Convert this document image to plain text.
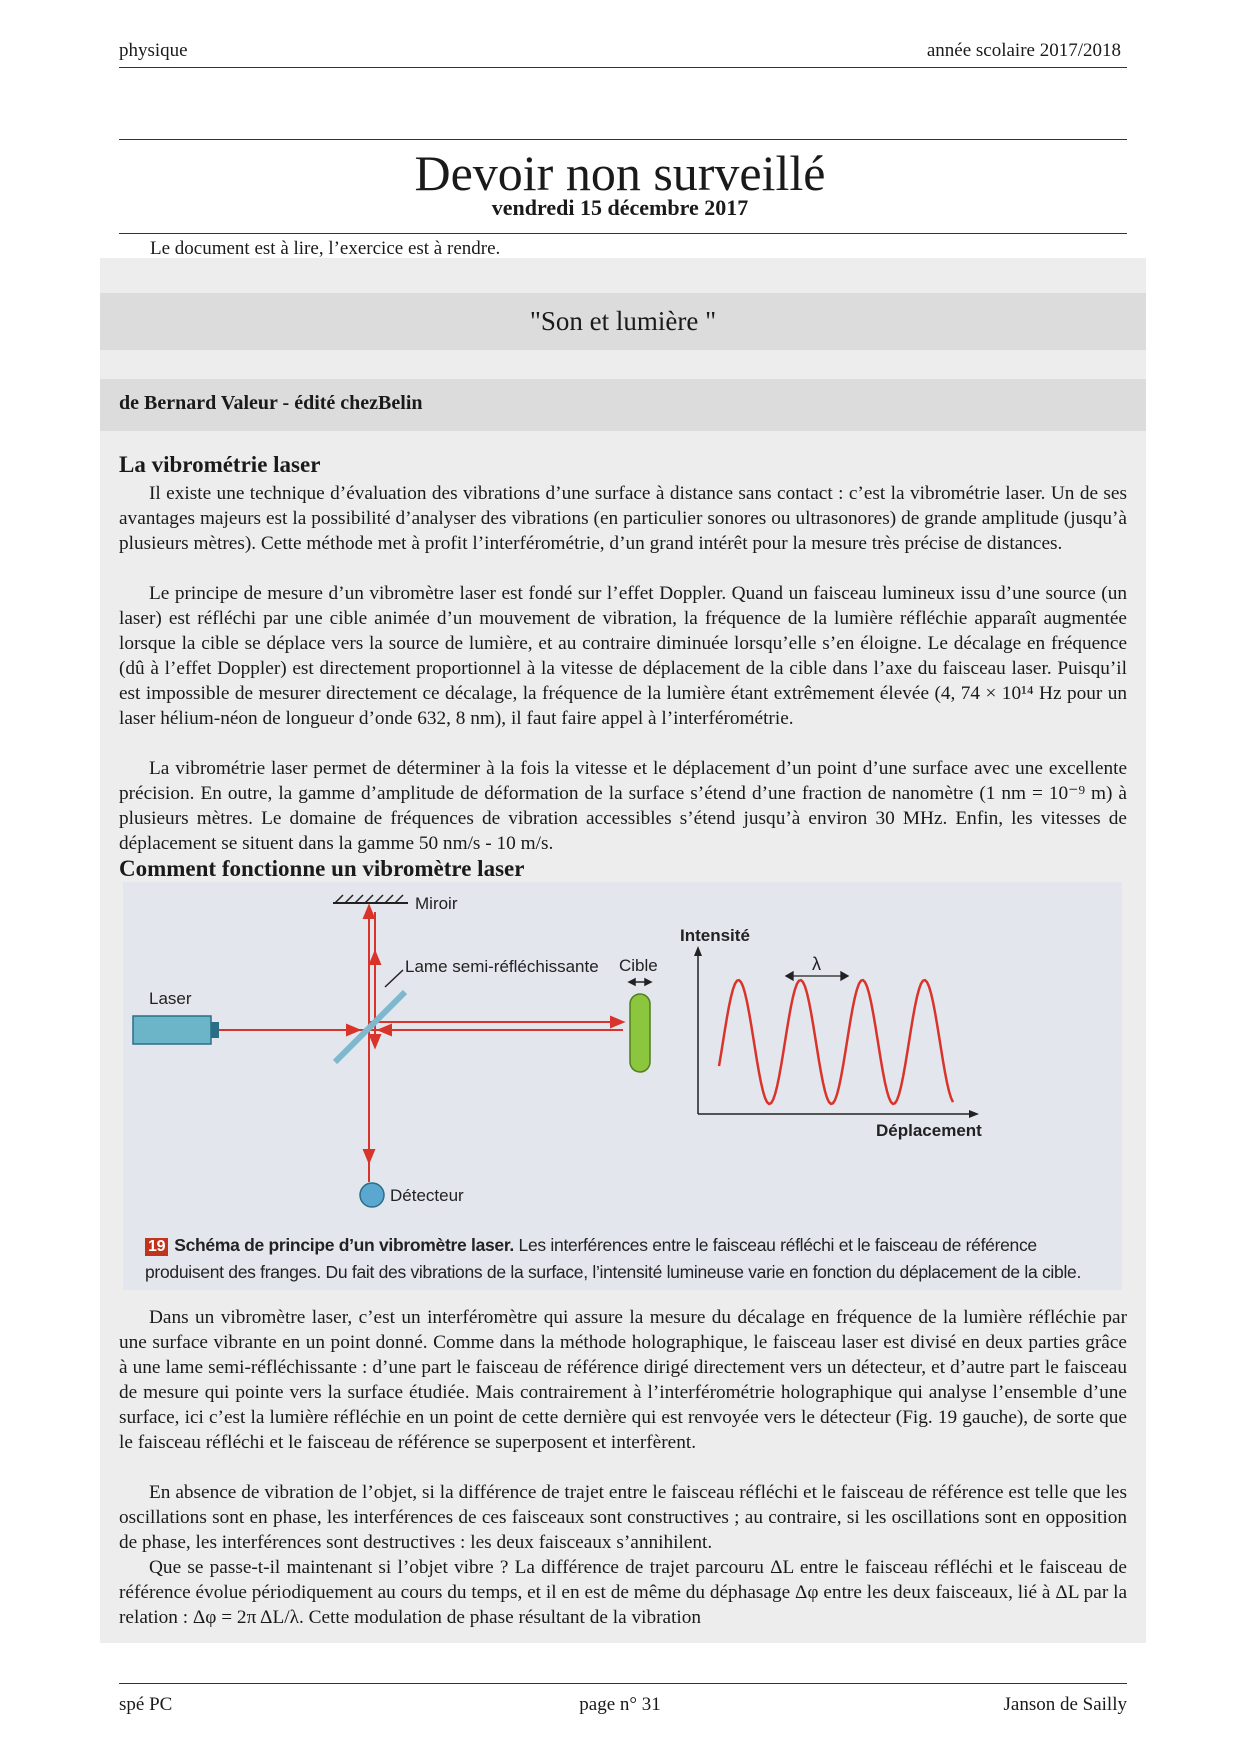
physique	année scolaire 2017/2018
Devoir non surveillé
vendredi 15 décembre 2017
Le document est à lire, l’exercice est à rendre.
"Son et lumière "
de Bernard Valeur - édité chezBelin
La vibrométrie laser

Il existe une technique d’évaluation des vibrations d’une surface à distance sans contact : c’est la vibrométrie laser. Un de ses avantages majeurs est la possibilité d’analyser des vibrations (en particulier sonores ou ultrasonores) de grande amplitude (jusqu’à plusieurs mètres). Cette méthode met à profit l’interférométrie, d’un grand intérêt pour la mesure très précise de distances.

Le principe de mesure d’un vibromètre laser est fondé sur l’effet Doppler. Quand un faisceau lumineux issu d’une source (un laser) est réfléchi par une cible animée d’un mouvement de vibration, la fréquence de la lumière réfléchie apparaît augmentée lorsque la cible se déplace vers la source de lumière, et au contraire diminuée lorsqu’elle s’en éloigne. Le décalage en fréquence (dû à l’effet Doppler) est directement proportionnel à la vitesse de déplacement de la cible dans l’axe du faisceau laser. Puisqu’il est impossible de mesurer directement ce décalage, la fréquence de la lumière étant extrêmement élevée (4, 74 × 10¹⁴ Hz pour un laser hélium-néon de longueur d’onde 632, 8 nm), il faut faire appel à l’interférométrie.

La vibrométrie laser permet de déterminer à la fois la vitesse et le déplacement d’un point d’une surface avec une excellente précision. En outre, la gamme d’amplitude de déformation de la surface s’étend d’une fraction de nanomètre (1 nm = 10⁻⁹ m) à plusieurs mètres. Le domaine de fréquences de vibration accessibles s’étend jusqu’à environ 30 MHz. Enfin, les vitesses de déplacement se situent dans la gamme 50 nm/s - 10 m/s.

Comment fonctionne un vibromètre laser
Miroir
Laser
Lame semi-réfléchissante Cible
Détecteur
Intensité
Déplacement
λ
19 Schéma de principe d’un vibromètre laser. Les interférences entre le faisceau réfléchi et le faisceau de référence produisent des franges. Du fait des vibrations de la surface, l’intensité lumineuse varie en fonction du déplacement de la cible.

Dans un vibromètre laser, c’est un interféromètre qui assure la mesure du décalage en fréquence de la lumière réfléchie par une surface vibrante en un point donné. Comme dans la méthode holographique, le faisceau laser est divisé en deux parties grâce à une lame semi-réfléchissante : d’une part le faisceau de référence dirigé directement vers un détecteur, et d’autre part le faisceau de mesure qui pointe vers la surface étudiée. Mais contrairement à l’interférométrie holographique qui analyse l’ensemble d’une surface, ici c’est la lumière réfléchie en un point de cette dernière qui est renvoyée vers le détecteur (Fig. 19 gauche), de sorte que le faisceau réfléchi et le faisceau de référence se superposent et interfèrent.

En absence de vibration de l’objet, si la différence de trajet entre le faisceau réfléchi et le faisceau de référence est telle que les oscillations sont en phase, les interférences de ces faisceaux sont constructives ; au contraire, si les oscillations sont en opposition de phase, les interférences sont destructives : les deux faisceaux s’annihilent.

Que se passe-t-il maintenant si l’objet vibre ? La différence de trajet parcouru ΔL entre le faisceau réfléchi et le faisceau de référence évolue périodiquement au cours du temps, et il en est de même du déphasage Δφ entre les deux faisceaux, lié à ΔL par la relation : Δφ = 2π ΔL/λ. Cette modulation de phase résultant de la vibration

spé PC	page n° 31	Janson de Sailly
